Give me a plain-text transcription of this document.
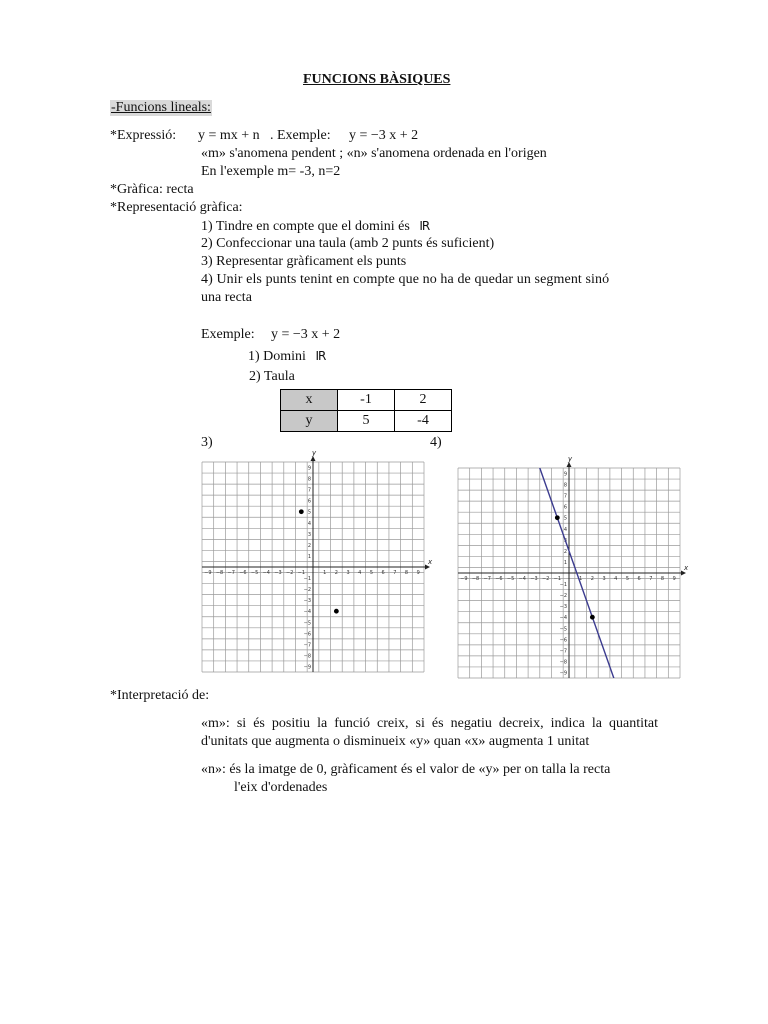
FUNCIONS BÀSIQUES
-Funcions lineals:
*Expressió: y = mx + n . Exemple: y = −3 x + 2
«m» s'anomena pendent ; «n» s'anomena ordenada en l'origen
En l'exemple m= -3, n=2
*Gràfica: recta
*Representació gràfica:
1) Tindre en compte que el domini és IR
2) Confeccionar una taula (amb 2 punts és suficient)
3) Representar gràficament els punts
4) Unir els punts tenint en compte que no ha de quedar un segment sinó
una recta
Exemple: y = −3 x + 2
1) Domini IR
2) Taula
x	-1	2
y	5	-4
3)	4)
x
y
−9 −8 −7 −6 −5 −4 −3 −2 −1	1 2 3 4 5 6 7 8 9
−9
−8
−7
−6
−5
−4
−3
−2
−1
1
2
3
4
5
6
7
8
9
x
y
−9 −8 −7 −6 −5 −4 −3 −2 −1	1 2 3 4 5 6 7 8 9
−9
−8
−7
−6
−5
−4
−3
−2
−1
1
2
4
5
6
7
8
9
*Interpretació de:
«m»: si és positiu la funció creix, si és negatiu decreix, indica la quantitat d'unitats que augmenta o disminueix «y» quan «x» augmenta 1 unitat
«n»: és la imatge de 0, gràficament és el valor de «y» per on talla la recta
l'eix d'ordenades
